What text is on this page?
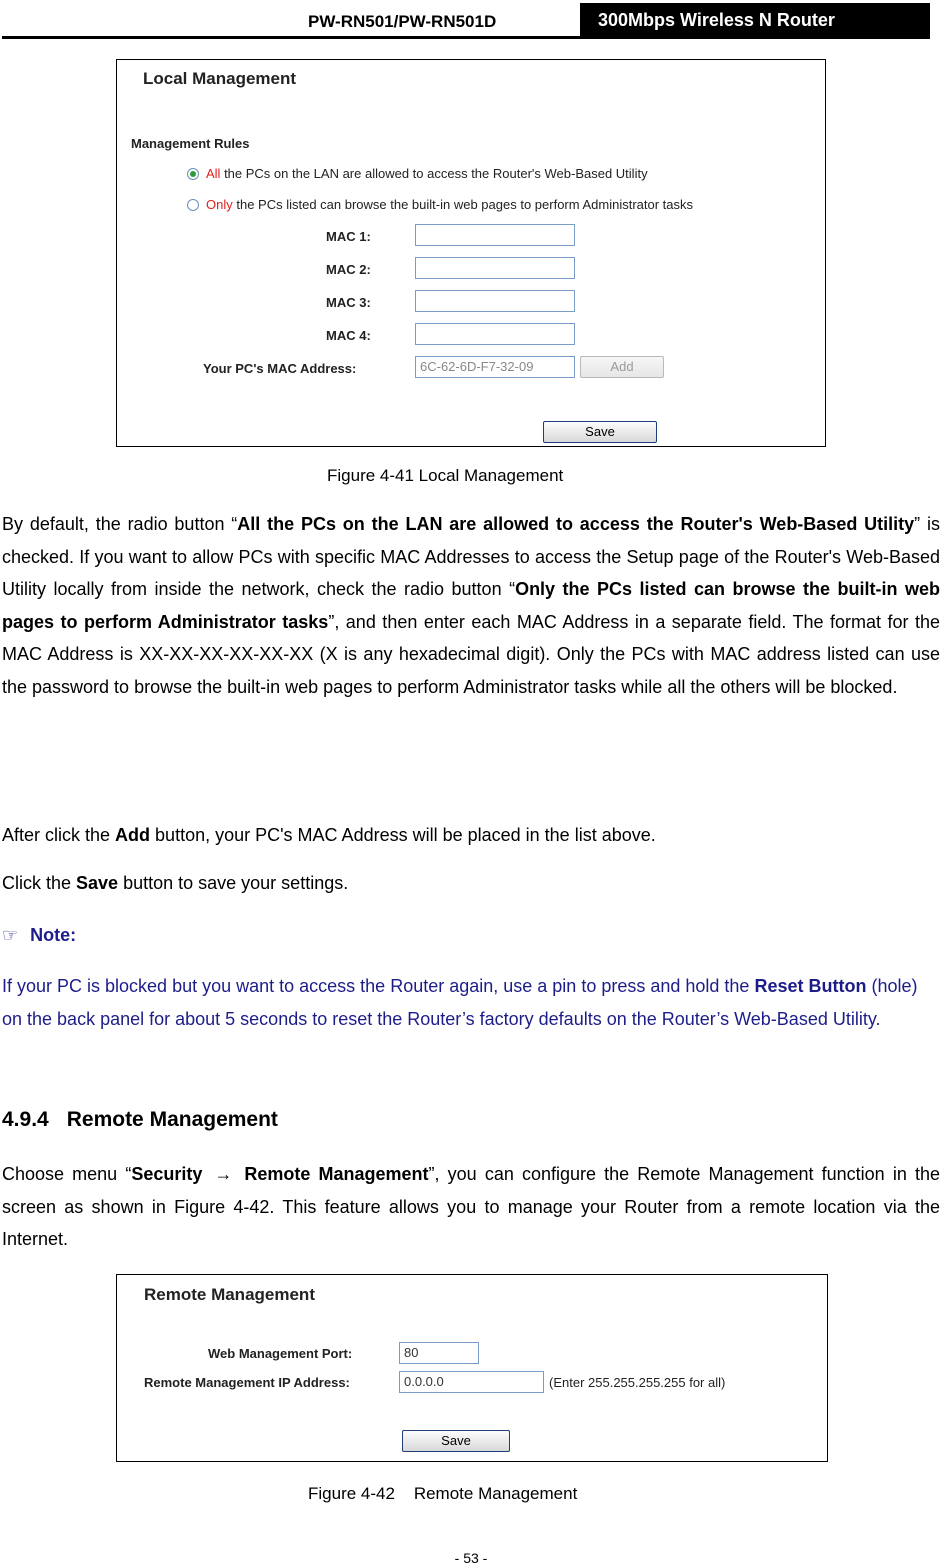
PW-RN501/PW-RN501D	300Mbps Wireless N Router
Local Management
Management Rules
All the PCs on the LAN are allowed to access the Router's Web-Based Utility
Only the PCs listed can browse the built-in web pages to perform Administrator tasks
MAC 1:
MAC 2:
MAC 3:
MAC 4:
Your PC's MAC Address:	6C-62-6D-F7-32-09	Add
Save
Figure 4-41 Local Management
By default, the radio button “All the PCs on the LAN are allowed to access the Router's Web-Based Utility” is checked. If you want to allow PCs with specific MAC Addresses to access the Setup page of the Router's Web-Based Utility locally from inside the network, check the radio button “Only the PCs listed can browse the built-in web pages to perform Administrator tasks”, and then enter each MAC Address in a separate field. The format for the MAC Address is XX-XX-XX-XX-XX-XX (X is any hexadecimal digit). Only the PCs with MAC address listed can use the password to browse the built-in web pages to perform Administrator tasks while all the others will be blocked.
After click the Add button, your PC's MAC Address will be placed in the list above.
Click the Save button to save your settings.
☞ Note:
If your PC is blocked but you want to access the Router again, use a pin to press and hold the Reset Button (hole) on the back panel for about 5 seconds to reset the Router’s factory defaults on the Router’s Web-Based Utility.
4.9.4 Remote Management
Choose menu “Security → Remote Management”, you can configure the Remote Management function in the screen as shown in Figure 4-42. This feature allows you to manage your Router from a remote location via the Internet.
Remote Management
Web Management Port:	80
Remote Management IP Address:	0.0.0.0	(Enter 255.255.255.255 for all)
Save
Figure 4-42    Remote Management
- 53 -
